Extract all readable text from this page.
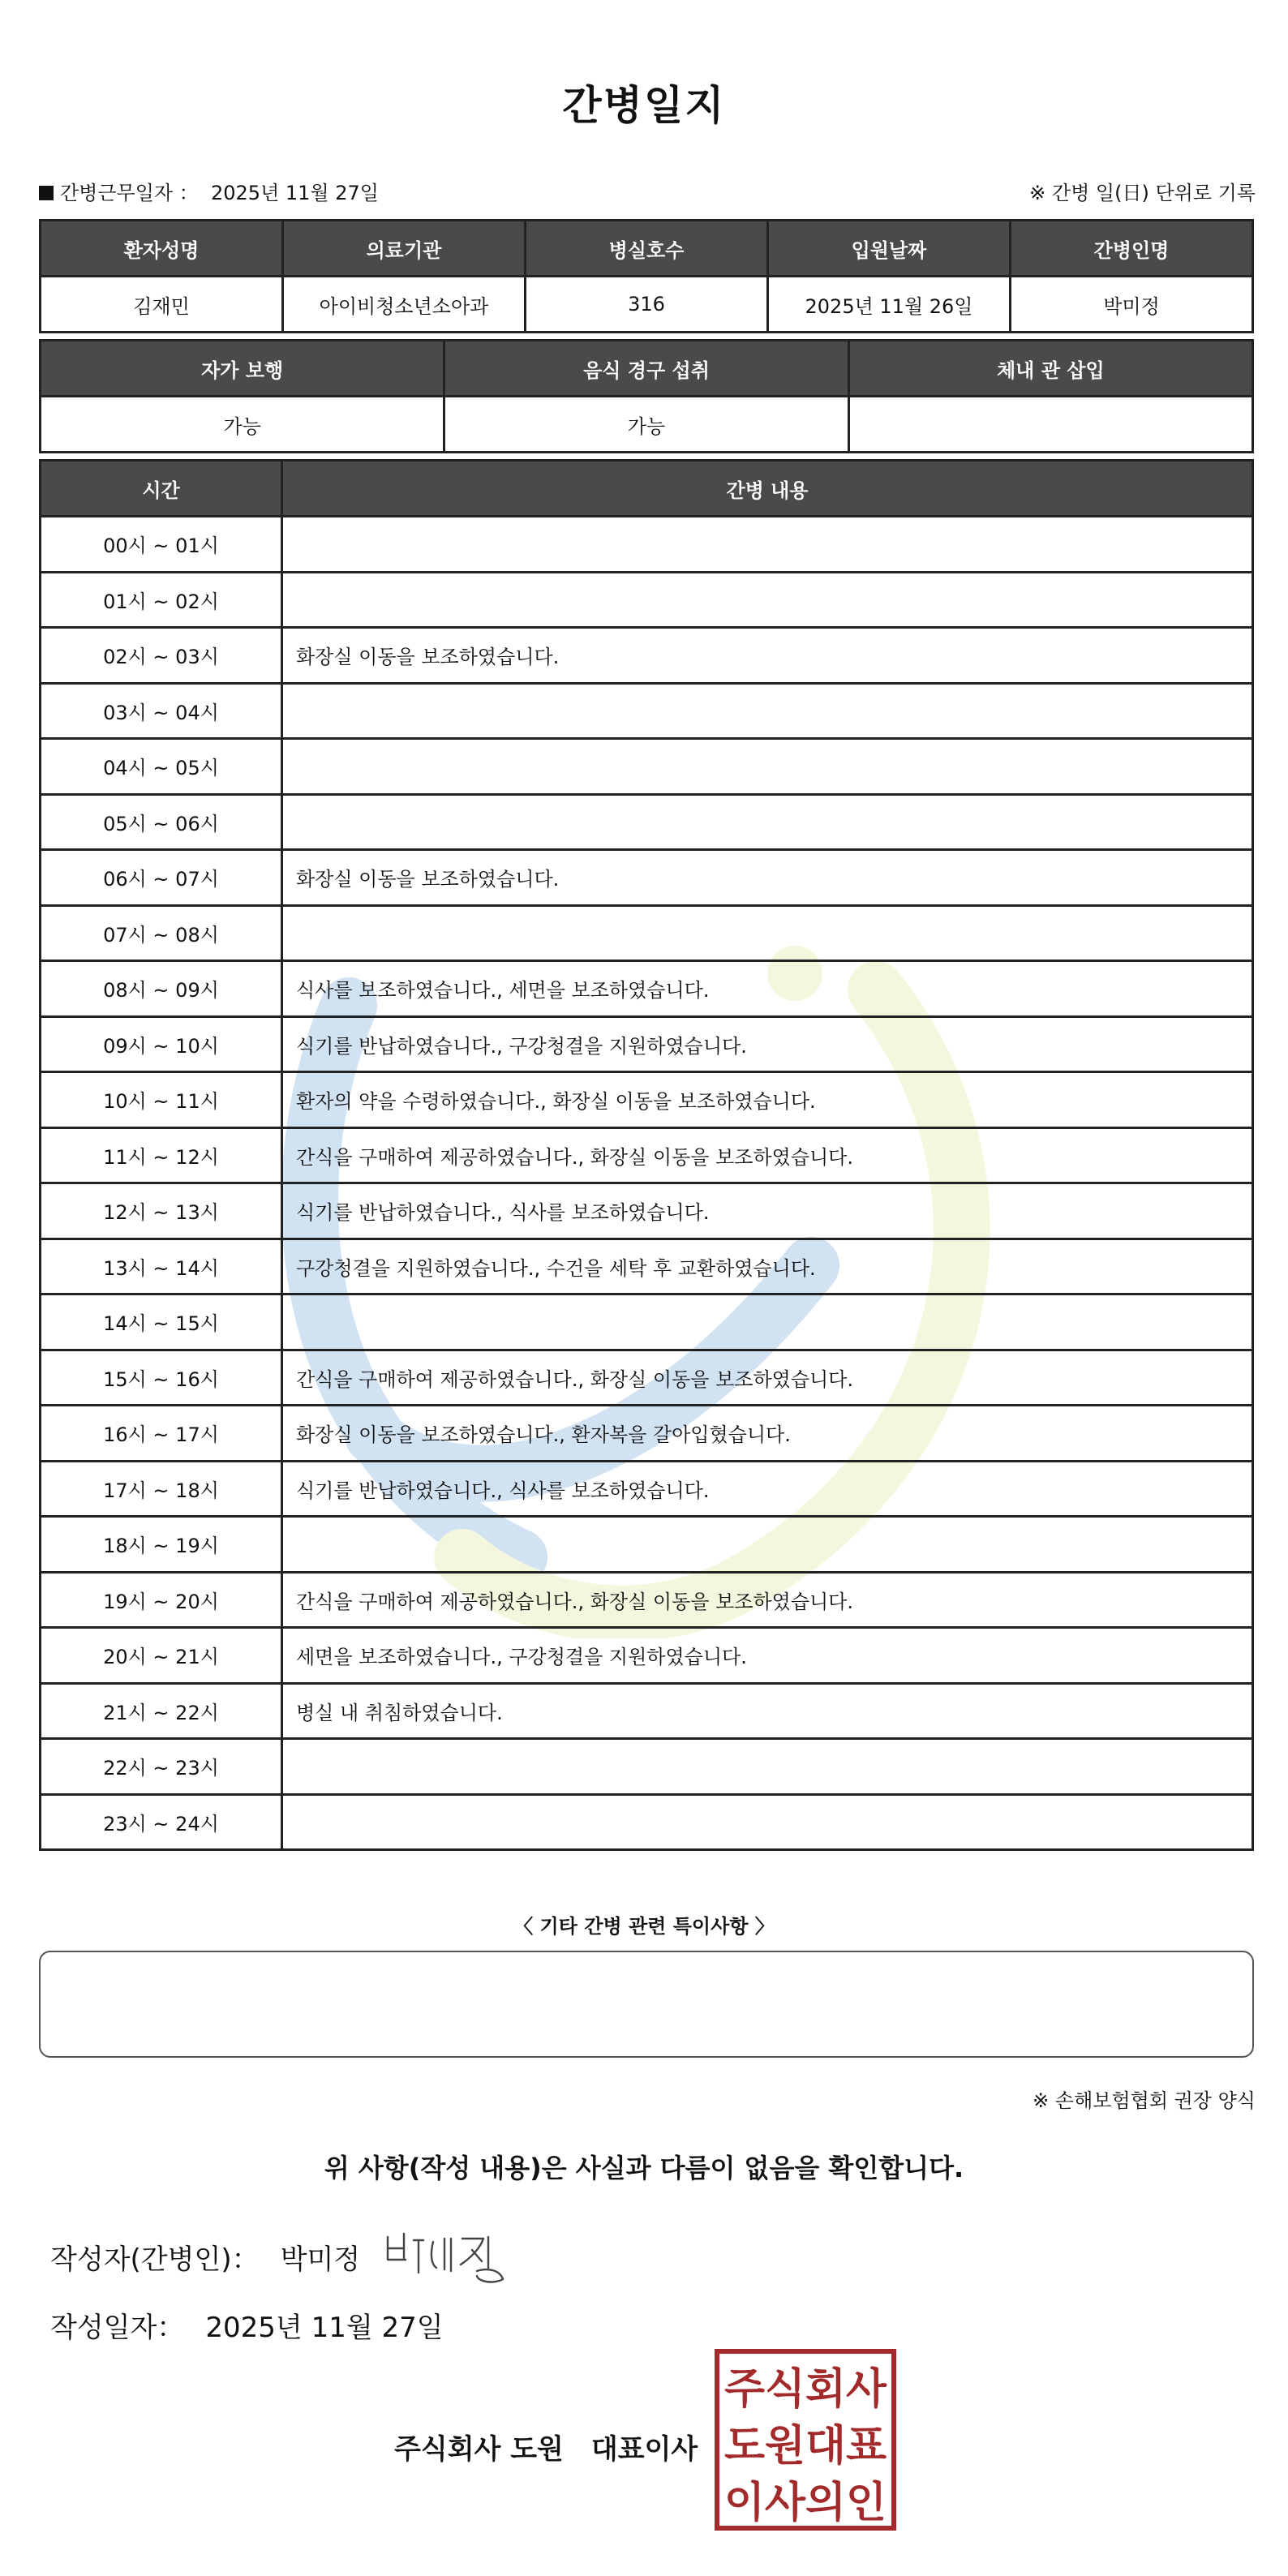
간병일지
간병근무일자 ： 2025년 11월 27일	※ 간병 일(日) 단위로 기록
환자성명	의료기관	병실호수	입원날짜	간병인명
김재민	아이비청소년소아과	316	2025년 11월 26일	박미정
자가 보행	음식 경구 섭취	체내 관 삽입
가능	가능	
시간	간병 내용
00시 ~ 01시	
01시 ~ 02시	
02시 ~ 03시	화장실 이동을 보조하였습니다.
03시 ~ 04시	
04시 ~ 05시	
05시 ~ 06시	
06시 ~ 07시	화장실 이동을 보조하였습니다.
07시 ~ 08시	
08시 ~ 09시	식사를 보조하였습니다., 세면을 보조하였습니다.
09시 ~ 10시	식기를 반납하였습니다., 구강청결을 지원하였습니다.
10시 ~ 11시	환자의 약을 수령하였습니다., 화장실 이동을 보조하였습니다.
11시 ~ 12시	간식을 구매하여 제공하였습니다., 화장실 이동을 보조하였습니다.
12시 ~ 13시	식기를 반납하였습니다., 식사를 보조하였습니다.
13시 ~ 14시	구강청결을 지원하였습니다., 수건을 세탁 후 교환하였습니다.
14시 ~ 15시	
15시 ~ 16시	간식을 구매하여 제공하였습니다., 화장실 이동을 보조하였습니다.
16시 ~ 17시	화장실 이동을 보조하였습니다., 환자복을 갈아입혔습니다.
17시 ~ 18시	식기를 반납하였습니다., 식사를 보조하였습니다.
18시 ~ 19시	
19시 ~ 20시	간식을 구매하여 제공하였습니다., 화장실 이동을 보조하였습니다.
20시 ~ 21시	세면을 보조하였습니다., 구강청결을 지원하였습니다.
21시 ~ 22시	병실 내 취침하였습니다.
22시 ~ 23시	
23시 ~ 24시	
〈 기타 간병 관련 특이사항 〉
※ 손해보험협회 권장 양식
위 사항(작성 내용)은 사실과 다름이 없음을 확인합니다.
작성자(간병인)： 박미정
작성일자： 2025년 11월 27일
주식회사 도원　대표이사
주식회사
도원대표
이사의인
